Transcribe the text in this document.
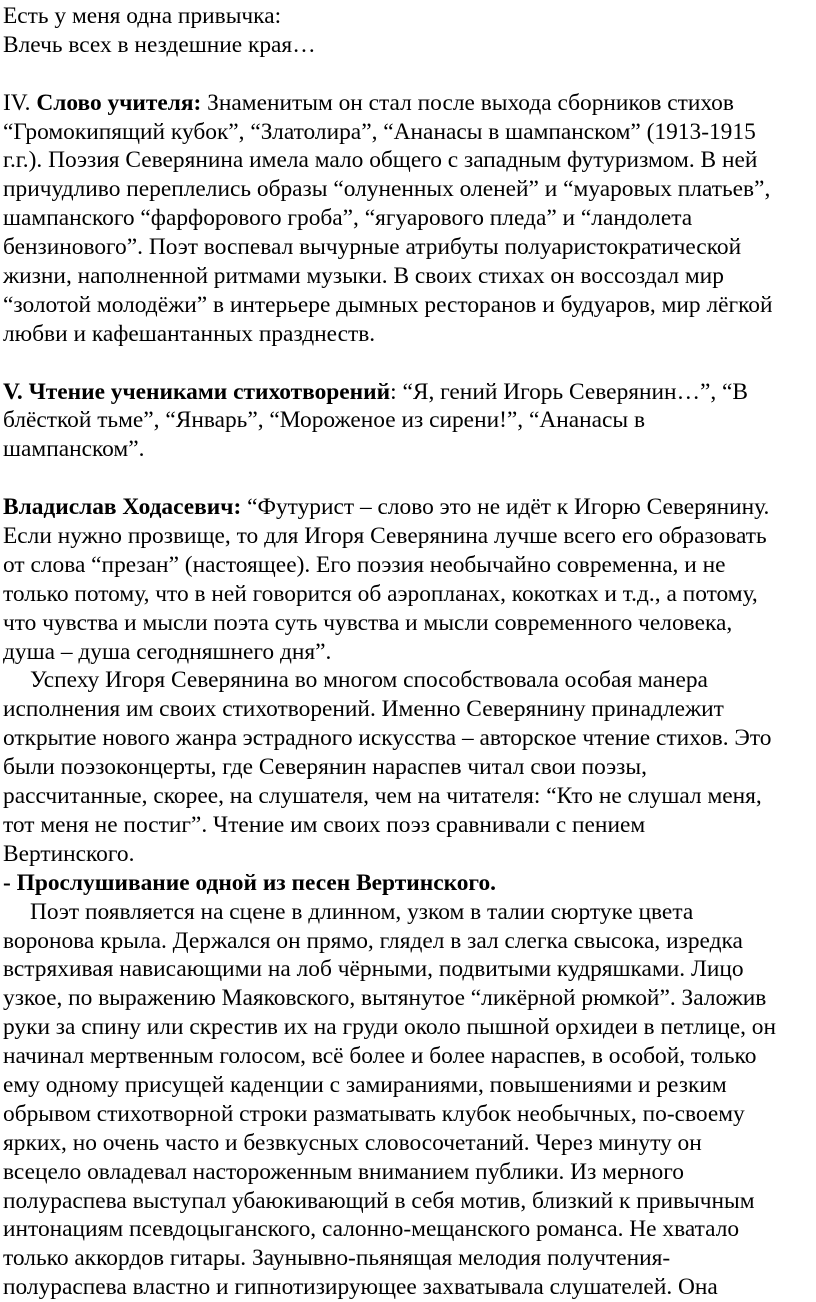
Есть у меня одна привычка:
Влечь всех в нездешние края…
IV. Слово учителя: Знаменитым он стал после выхода сборников стихов
“Громокипящий кубок”, “Златолира”, “Ананасы в шампанском” (1913-1915
г.г.). Поэзия Северянина имела мало общего с западным футуризмом. В ней
причудливо переплелись образы “олуненных оленей” и “муаровых платьев”,
шампанского “фарфорового гроба”, “ягуарового пледа” и “ландолета
бензинового”. Поэт воспевал вычурные атрибуты полуаристократической
жизни, наполненной ритмами музыки. В своих стихах он воссоздал мир
“золотой молодёжи” в интерьере дымных ресторанов и будуаров, мир лёгкой
любви и кафешантанных празднеств.
V. Чтение учениками стихотворений: “Я, гений Игорь Северянин…”, “В
блёсткой тьме”, “Январь”, “Мороженое из сирени!”, “Ананасы в
шампанском”.
Владислав Ходасевич: “Футурист – слово это не идёт к Игорю Северянину.
Если нужно прозвище, то для Игоря Северянина лучше всего его образовать
от слова “презан” (настоящее). Его поэзия необычайно современна, и не
только потому, что в ней говорится об аэропланах, кокотках и т.д., а потому,
что чувства и мысли поэта суть чувства и мысли современного человека,
душа – душа сегодняшнего дня”.
Успеху Игоря Северянина во многом способствовала особая манера
исполнения им своих стихотворений. Именно Северянину принадлежит
открытие нового жанра эстрадного искусства – авторское чтение стихов. Это
были поэзоконцерты, где Северянин нараспев читал свои поэзы,
рассчитанные, скорее, на слушателя, чем на читателя: “Кто не слушал меня,
тот меня не постиг”. Чтение им своих поэз сравнивали с пением
Вертинского.
- Прослушивание одной из песен Вертинского.
Поэт появляется на сцене в длинном, узком в талии сюртуке цвета
воронова крыла. Держался он прямо, глядел в зал слегка свысока, изредка
встряхивая нависающими на лоб чёрными, подвитыми кудряшками. Лицо
узкое, по выражению Маяковского, вытянутое “ликёрной рюмкой”. Заложив
руки за спину или скрестив их на груди около пышной орхидеи в петлице, он
начинал мертвенным голосом, всё более и более нараспев, в особой, только
ему одному присущей каденции с замираниями, повышениями и резким
обрывом стихотворной строки разматывать клубок необычных, по-своему
ярких, но очень часто и безвкусных словосочетаний. Через минуту он
всецело овладевал настороженным вниманием публики. Из мерного
полураспева выступал убаюкивающий в себя мотив, близкий к привычным
интонациям псевдоцыганского, салонно-мещанского романса. Не хватало
только аккордов гитары. Заунывно-пьянящая мелодия получтения-
полураспева властно и гипнотизирующее захватывала слушателей. Она
